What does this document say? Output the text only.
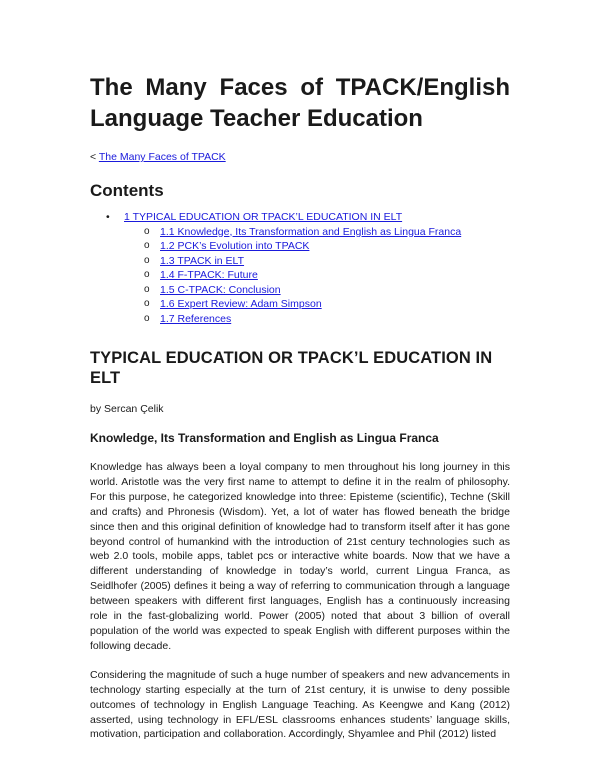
The Many Faces of TPACK/English
Language Teacher Education
< The Many Faces of TPACK
Contents
• 1 TYPICAL EDUCATION OR TPACK’L EDUCATION IN ELT
o 1.1 Knowledge, Its Transformation and English as Lingua Franca
o 1.2 PCK’s Evolution into TPACK
o 1.3 TPACK in ELT
o 1.4 F-TPACK: Future
o 1.5 C-TPACK: Conclusion
o 1.6 Expert Review: Adam Simpson
o 1.7 References
TYPICAL EDUCATION OR TPACK’L EDUCATION IN ELT
by Sercan Çelik
Knowledge, Its Transformation and English as Lingua Franca

Knowledge has always been a loyal company to men throughout his long journey in this world. Aristotle was the very first name to attempt to define it in the realm of philosophy. For this purpose, he categorized knowledge into three: Episteme (scientific), Techne (Skill and crafts) and Phronesis (Wisdom). Yet, a lot of water has flowed beneath the bridge since then and this original definition of knowledge had to transform itself after it has gone beyond control of humankind with the introduction of 21st century technologies such as web 2.0 tools, mobile apps, tablet pcs or interactive white boards. Now that we have a different understanding of knowledge in today’s world, current Lingua Franca, as Seidlhofer (2005) defines it being a way of referring to communication through a language between speakers with different first languages, English has a continuously increasing role in the fast-globalizing world. Power (2005) noted that about 3 billion of overall population of the world was expected to speak English with different purposes within the following decade.

Considering the magnitude of such a huge number of speakers and new advancements in technology starting especially at the turn of 21st century, it is unwise to deny possible outcomes of technology in English Language Teaching. As Keengwe and Kang (2012) asserted, using technology in EFL/ESL classrooms enhances students’ language skills, motivation, participation and collaboration. Accordingly, Shyamlee and Phil (2012) listed
